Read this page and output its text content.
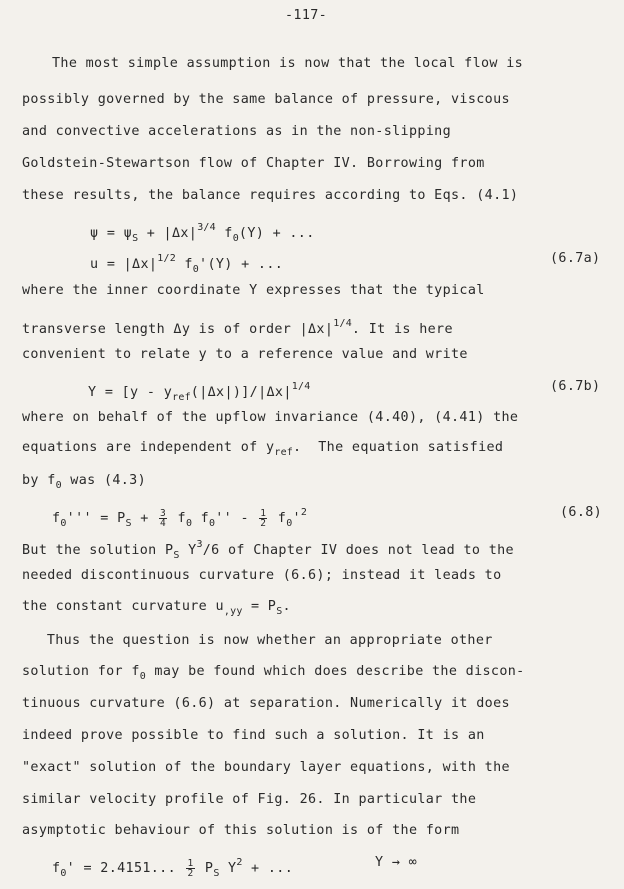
-117-

The most simple assumption is now that the local flow is

possibly governed by the same balance of pressure, viscous

and convective accelerations as in the non-slipping

Goldstein-Stewartson flow of Chapter IV. Borrowing from

these results, the balance requires according to Eqs. (4.1)

$\psi = \psi_S + |\Delta x|^{3/4}$ $f_0(Y)$ + ...

$u = |\Delta x|^{1/2}$ $f_0'(Y)$ + ...	(6.7a)

where the inner coordinate Y expresses that the typical

transverse length Δy is of order $|\Delta x|^{1/4}$. It is here

convenient to relate y to a reference value and write

$Y = [y - y_{ref}(|\Delta x|)]/|\Delta x|^{1/4}$	(6.7b)

where on behalf of the upflow invariance (4.40), (4.41) the

equations are independent of $y_{ref}$.  The equation satisfied

by $f_0$ was (4.3)

$f_0''' = P_S + \frac{3}{4} f_0$ $f_0'' - \frac{1}{2} f_0'^2$	(6.8)

But the solution $P_S$ $Y^3/6$ of Chapter IV does not lead to the

needed discontinuous curvature (6.6); instead it leads to

the constant curvature $u_{,yy} = P_S$.

Thus the question is now whether an appropriate other

solution for $f_0$ may be found which does describe the discon-

tinuous curvature (6.6) at separation. Numerically it does

indeed prove possible to find such a solution. It is an

"exact" solution of the boundary layer equations, with the

similar velocity profile of Fig. 26. In particular the

asymptotic behaviour of this solution is of the form

$f_0' = 2.4151$... $\frac{1}{2} P_S$ $Y^2$ + ...	Y → ∞
